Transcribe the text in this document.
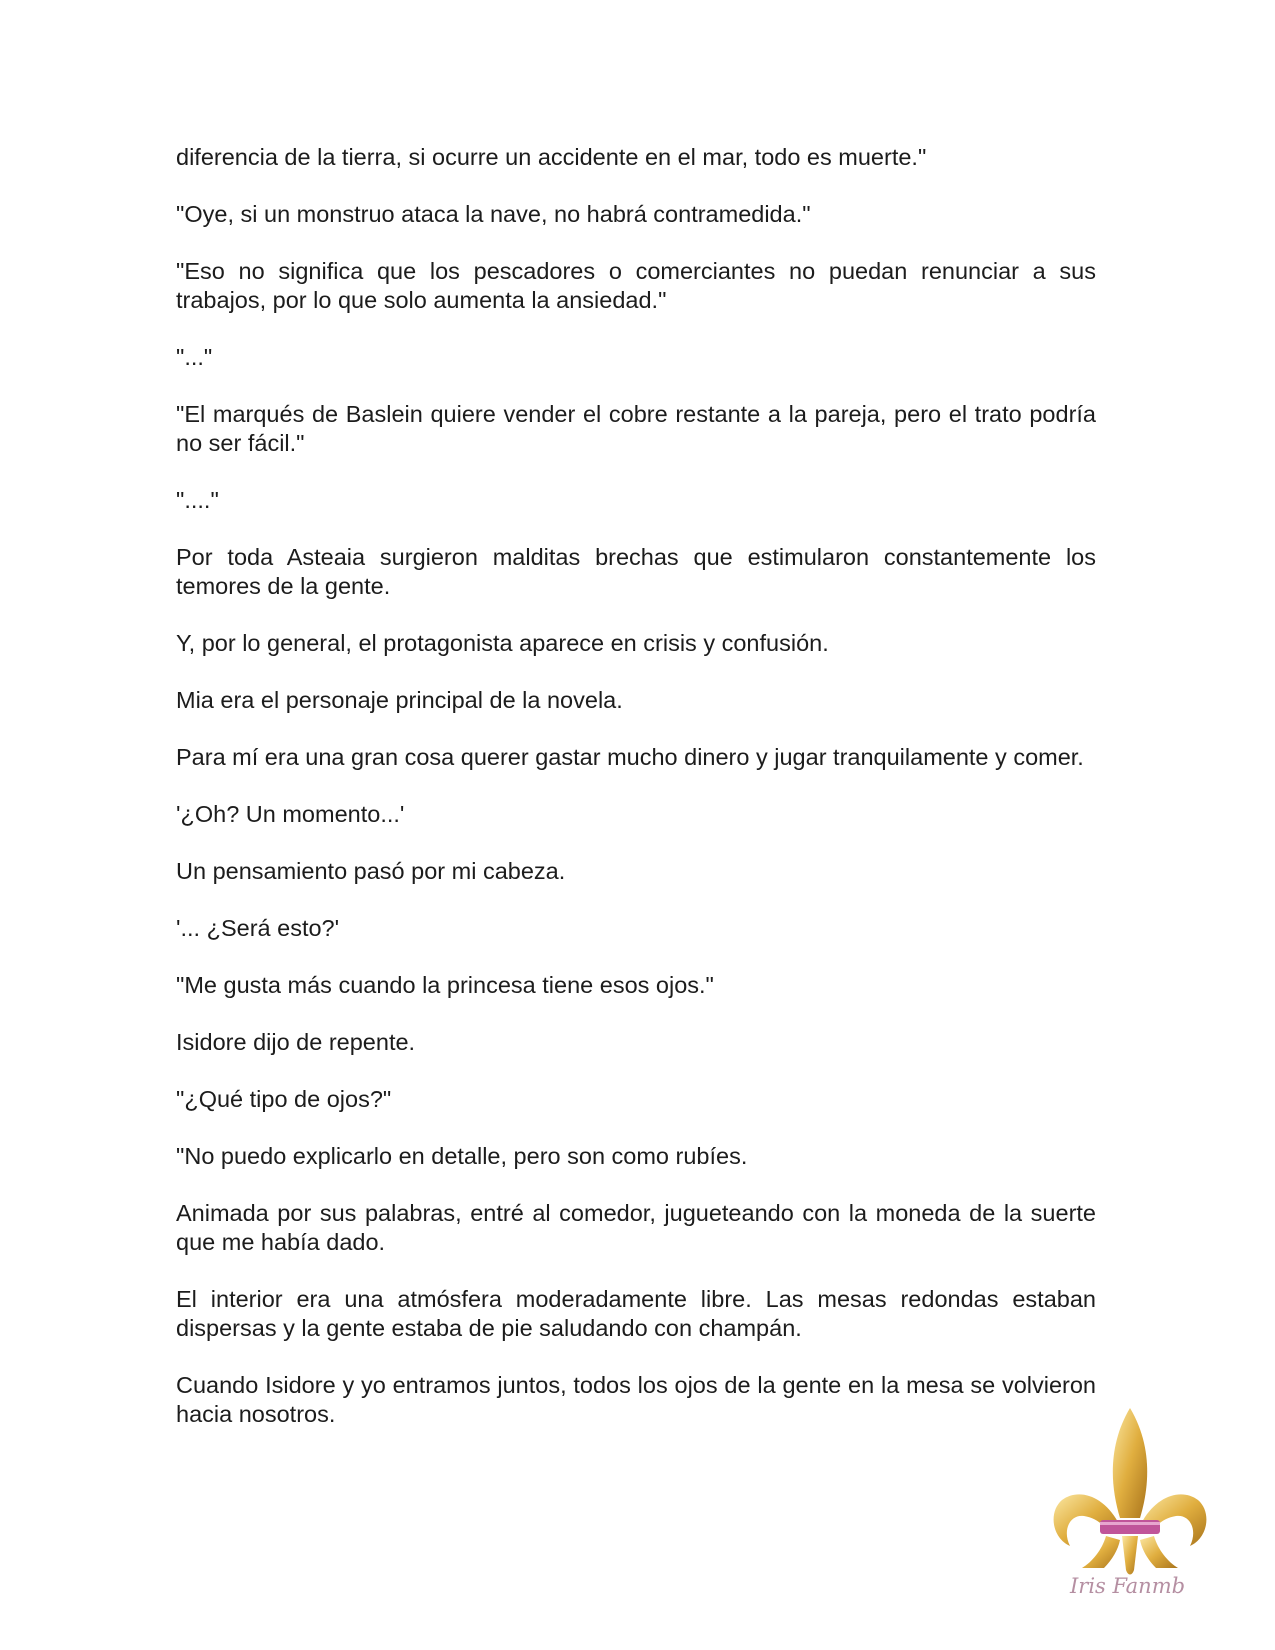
diferencia de la tierra, si ocurre un accidente en el mar, todo es muerte."

"Oye, si un monstruo ataca la nave, no habrá contramedida."

"Eso no significa que los pescadores o comerciantes no puedan renunciar a sus trabajos, por lo que solo aumenta la ansiedad."

"..."

"El marqués de Baslein quiere vender el cobre restante a la pareja, pero el trato podría no ser fácil."

"...."

Por toda Asteaia surgieron malditas brechas que estimularon constantemente los temores de la gente.

Y, por lo general, el protagonista aparece en crisis y confusión.

Mia era el personaje principal de la novela.

Para mí era una gran cosa querer gastar mucho dinero y jugar tranquilamente y comer.

'¿Oh? Un momento...'

Un pensamiento pasó por mi cabeza.

'... ¿Será esto?'

"Me gusta más cuando la princesa tiene esos ojos."

Isidore dijo de repente.

"¿Qué tipo de ojos?"

"No puedo explicarlo en detalle, pero son como rubíes.

Animada por sus palabras, entré al comedor, jugueteando con la moneda de la suerte que me había dado.

El interior era una atmósfera moderadamente libre. Las mesas redondas estaban dispersas y la gente estaba de pie saludando con champán.

Cuando Isidore y yo entramos juntos, todos los ojos de la gente en la mesa se volvieron hacia nosotros.

Iris Fanmb
